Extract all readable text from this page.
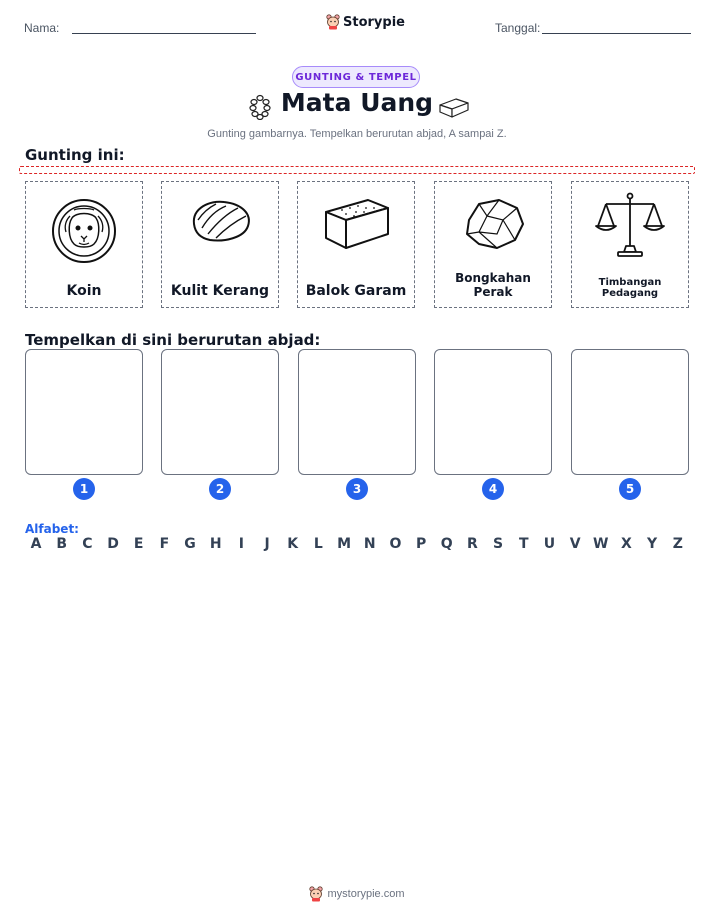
Nama:	Storypie	Tanggal:
GUNTING & TEMPEL
Mata Uang
Gunting gambarnya. Tempelkan berurutan abjad, A sampai Z.
Gunting ini:
Koin	Kulit Kerang	Balok Garam
Bongkahan Perak
Timbangan Pedagang
Tempelkan di sini berurutan abjad:
1	2	3	4	5
Alfabet:
A	B	C	D	E	F	G	H	I	J	K	L	M N O	P	Q	R	S	T	U	V W X	Y	Z
mystorypie.com
